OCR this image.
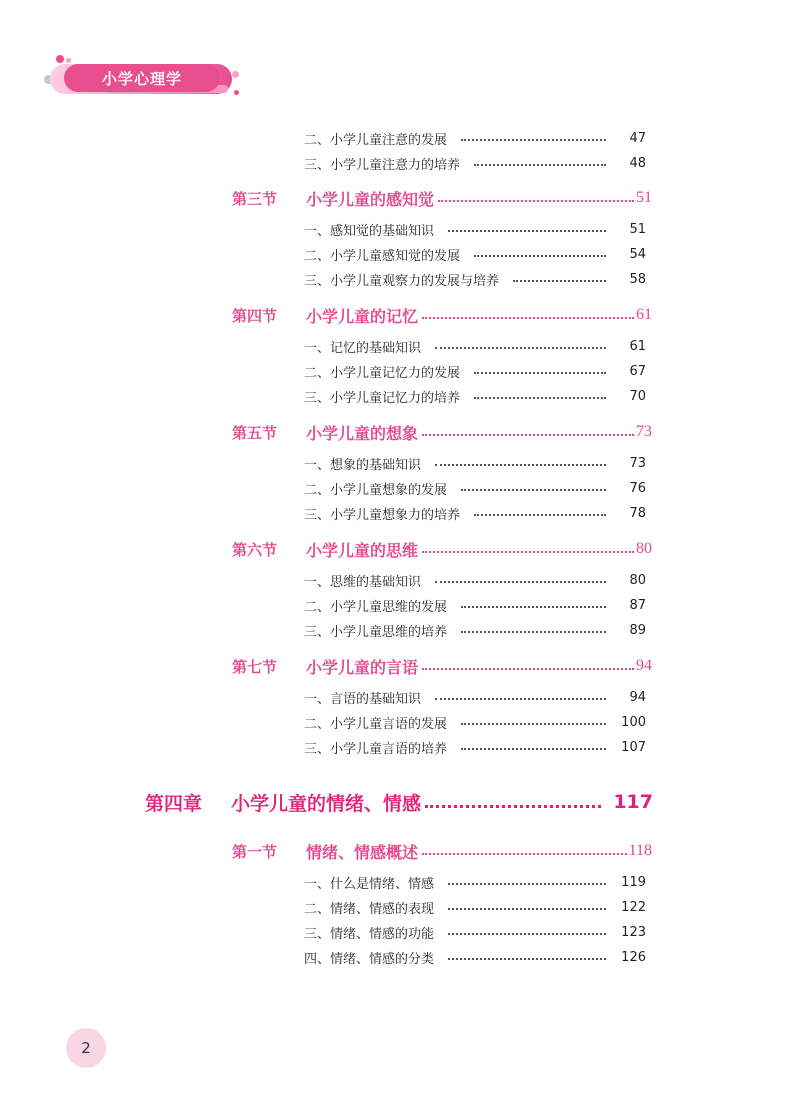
小学心理学
二、小学儿童注意的发展	47
三、小学儿童注意力的培养	48
第三节	小学儿童的感知觉	51
一、感知觉的基础知识	51
二、小学儿童感知觉的发展	54
三、小学儿童观察力的发展与培养	58
第四节	小学儿童的记忆	61
一、记忆的基础知识	61
二、小学儿童记忆力的发展	67
三、小学儿童记忆力的培养	70
第五节	小学儿童的想象	73
一、想象的基础知识	73
二、小学儿童想象的发展	76
三、小学儿童想象力的培养	78
第六节	小学儿童的思维	80
一、思维的基础知识	80
二、小学儿童思维的发展	87
三、小学儿童思维的培养	89
第七节	小学儿童的言语	94
一、言语的基础知识	94
二、小学儿童言语的发展	100
三、小学儿童言语的培养	107
第四章	小学儿童的情绪、情感	117
第一节	情绪、情感概述	118
一、什么是情绪、情感	119
二、情绪、情感的表现	122
三、情绪、情感的功能	123
四、情绪、情感的分类	126
2
